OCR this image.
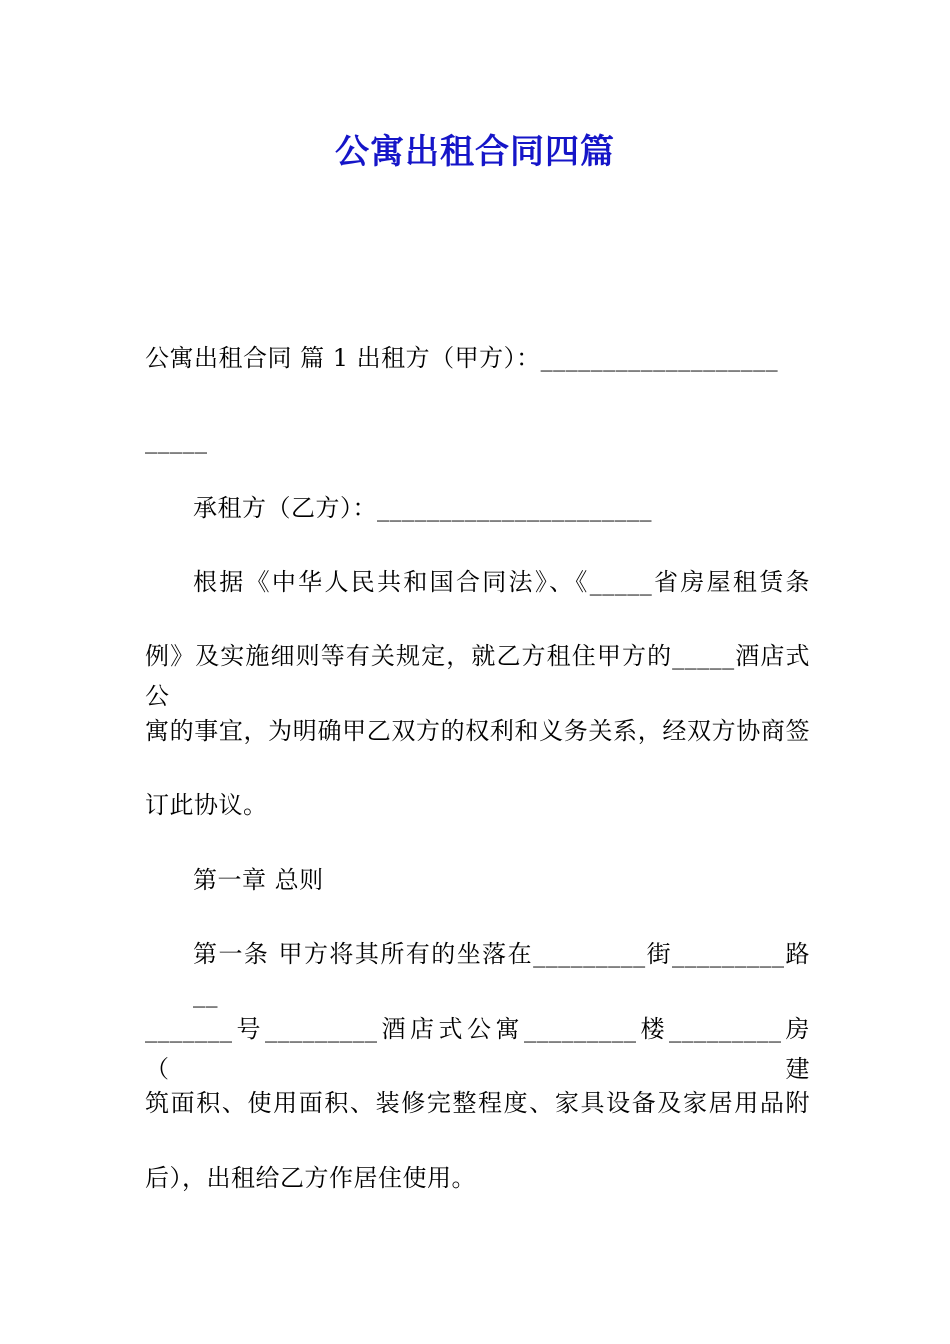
公寓出租合同四篇
公寓出租合同 篇 1 出租方（甲方）：___________________
_____
承租方（乙方）：______________________
根据《中华人民共和国合同法》、《_____省房屋租赁条
例》及实施细则等有关规定，就乙方租住甲方的_____酒店式公
寓的事宜，为明确甲乙双方的权利和义务关系，经双方协商签
订此协议。
第一章 总则
第一条 甲方将其所有的坐落在_________街_________路__
_______号_________酒店式公寓_________楼_________房（建
筑面积、使用面积、装修完整程度、家具设备及家居用品附
后），出租给乙方作居住使用。
